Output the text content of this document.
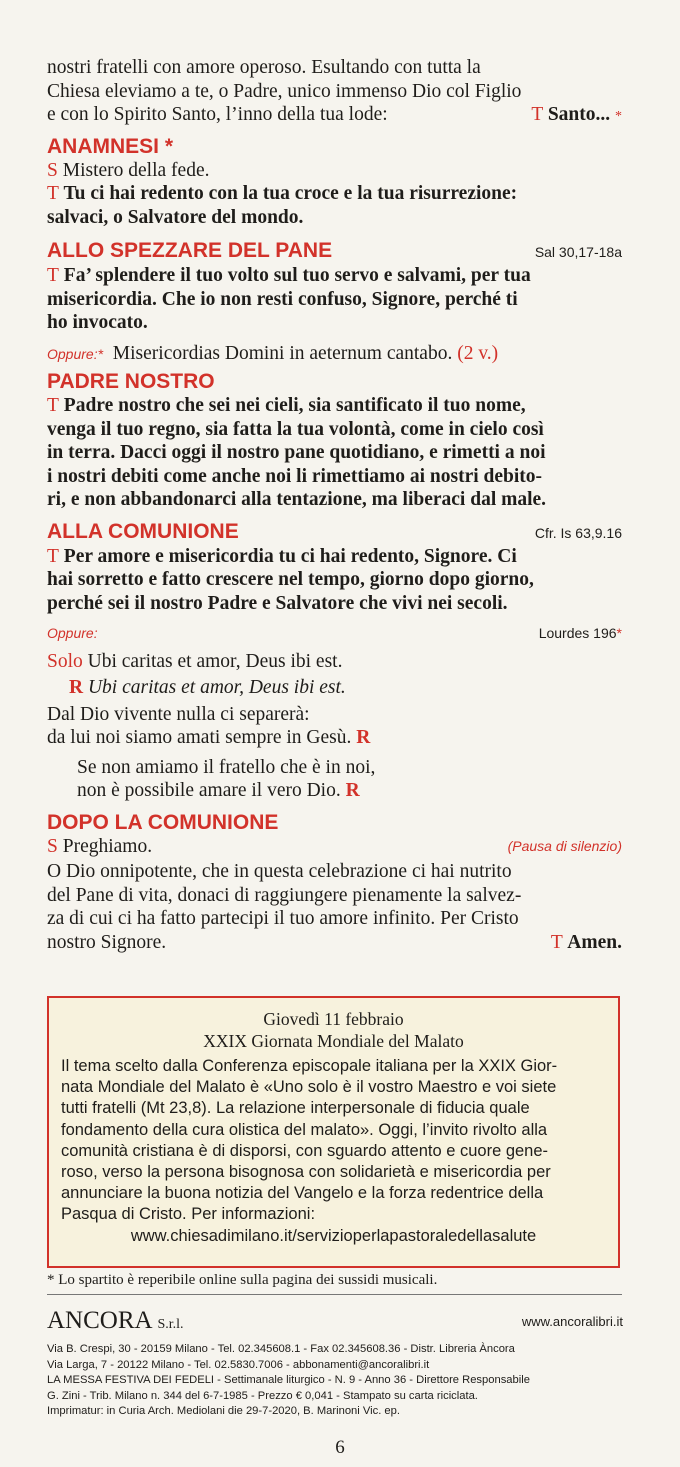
nostri fratelli con amore operoso. Esultando con tutta la

Chiesa eleviamo a te, o Padre, unico immenso Dio col Figlio

e con lo Spirito Santo, l’inno della tua lode:	T Santo... *
ANAMNESI *

S Mistero della fede.

T Tu ci hai redento con la tua croce e la tua risurrezione:

salvaci, o Salvatore del mondo.

ALLO SPEZZARE DEL PANE	Sal 30,17-18a

T Fa’ splendere il tuo volto sul tuo servo e salvami, per tua

misericordia. Che io non resti confuso, Signore, perché ti

ho invocato.

Oppure:* Misericordias Domini in aeternum cantabo. (2 v.)

PADRE NOSTRO

T Padre nostro che sei nei cieli, sia santificato il tuo nome,

venga il tuo regno, sia fatta la tua volontà, come in cielo così

in terra. Dacci oggi il nostro pane quotidiano, e rimetti a noi

i nostri debiti come anche noi li rimettiamo ai nostri debito-

ri, e non abbandonarci alla tentazione, ma liberaci dal male.

ALLA COMUNIONE	Cfr. Is 63,9.16

T Per amore e misericordia tu ci hai redento, Signore. Ci

hai sorretto e fatto crescere nel tempo, giorno dopo giorno,

perché sei il nostro Padre e Salvatore che vivi nei secoli.

Oppure:	Lourdes 196*

Solo Ubi caritas et amor, Deus ibi est.

R Ubi caritas et amor, Deus ibi est.

Dal Dio vivente nulla ci separerà:

da lui noi siamo amati sempre in Gesù. R

Se non amiamo il fratello che è in noi,

non è possibile amare il vero Dio. R

DOPO LA COMUNIONE
S Preghiamo.	(Pausa di silenzio)

O Dio onnipotente, che in questa celebrazione ci hai nutrito

del Pane di vita, donaci di raggiungere pienamente la salvez-

za di cui ci ha fatto partecipi il tuo amore infinito. Per Cristo

nostro Signore.	T Amen.
Giovedì 11 febbraio
XXIX Giornata Mondiale del Malato
Il tema scelto dalla Conferenza episcopale italiana per la XXIX Gior-
nata Mondiale del Malato è «Uno solo è il vostro Maestro e voi siete
tutti fratelli (Mt 23,8). La relazione interpersonale di fiducia quale
fondamento della cura olistica del malato». Oggi, l’invito rivolto alla
comunità cristiana è di disporsi, con sguardo attento e cuore gene-
roso, verso la persona bisognosa con solidarietà e misericordia per
annunciare la buona notizia del Vangelo e la forza redentrice della
Pasqua di Cristo. Per informazioni:
www.chiesadimilano.it/servizioperlapastoraledellasalute
* Lo spartito è reperibile online sulla pagina dei sussidi musicali.
ANCORA S.r.l.	www.ancoralibri.it
Via B. Crespi, 30 - 20159 Milano - Tel. 02.345608.1 - Fax 02.345608.36 - Distr. Libreria Àncora
Via Larga, 7 - 20122 Milano - Tel. 02.5830.7006 - abbonamenti@ancoralibri.it
LA MESSA FESTIVA DEI FEDELI - Settimanale liturgico - N. 9 - Anno 36 - Direttore Responsabile
G. Zini - Trib. Milano n. 344 del 6-7-1985 - Prezzo € 0,041 - Stampato su carta riciclata.
Imprimatur: in Curia Arch. Mediolani die 29-7-2020, B. Marinoni Vic. ep.
6
